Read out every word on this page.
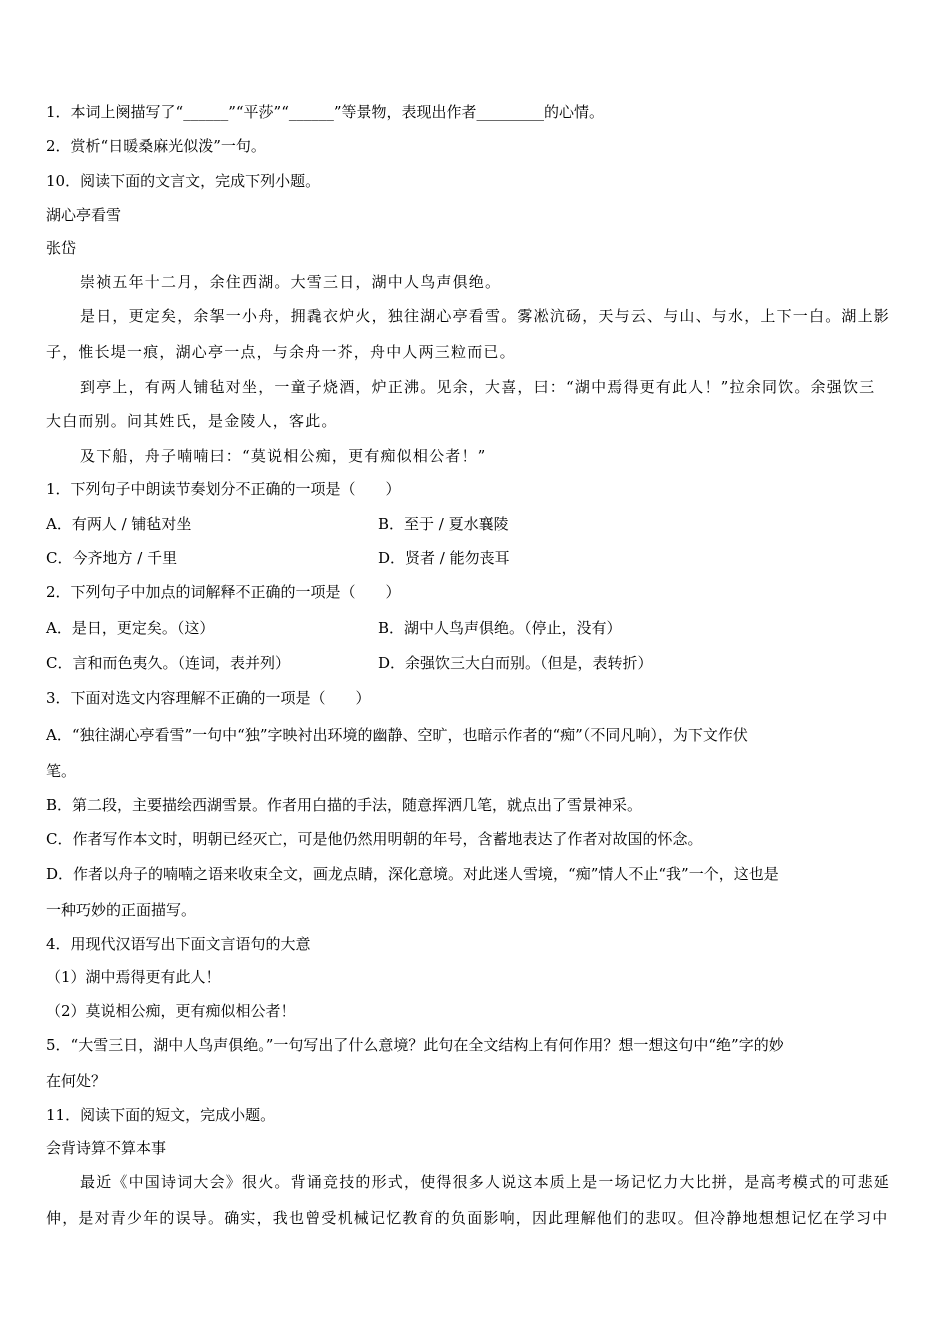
1．本词上阕描写了“______”“平莎”“______”等景物，表现出作者_________的心情。
2．赏析“日暖桑麻光似泼”一句。
10．阅读下面的文言文，完成下列小题。
湖心亭看雪
张岱
崇祯五年十二月，余住西湖。大雪三日，湖中人鸟声俱绝。
是日，更定矣，余挐一小舟，拥毳衣炉火，独往湖心亭看雪。雾凇沆砀，天与云、与山、与水，上下一白。湖上影
子，惟长堤一痕，湖心亭一点，与余舟一芥，舟中人两三粒而已。
到亭上，有两人铺毡对坐，一童子烧酒，炉正沸。见余，大喜，曰：“湖中焉得更有此人！”拉余同饮。余强饮三
大白而别。问其姓氏，是金陵人，客此。
及下船，舟子喃喃曰：“莫说相公痴，更有痴似相公者！”
1．下列句子中朗读节奏划分不正确的一项是（　　）
A．有两人 / 铺毡对坐	B．至于 / 夏水襄陵
C．今齐地方 / 千里	D．贤者 / 能勿丧耳
2．下列句子中加点的词解释不正确的一项是（　　）
A．是日，更定矣。（这）	B．湖中人鸟声俱绝。（停止，没有）
C．言和而色夷久。（连词，表并列）	D．余强饮三大白而别。（但是，表转折）
3．下面对选文内容理解不正确的一项是（　　）
A．“独往湖心亭看雪”一句中“独”字映衬出环境的幽静、空旷，也暗示作者的“痴”（不同凡响），为下文作伏
笔。
B．第二段，主要描绘西湖雪景。作者用白描的手法，随意挥洒几笔，就点出了雪景神采。
C．作者写作本文时，明朝已经灭亡，可是他仍然用明朝的年号，含蓄地表达了作者对故国的怀念。
D．作者以舟子的喃喃之语来收束全文，画龙点睛，深化意境。对此迷人雪境，“痴”情人不止“我”一个，这也是
一种巧妙的正面描写。
4．用现代汉语写出下面文言语句的大意
（1）湖中焉得更有此人！
（2）莫说相公痴，更有痴似相公者！
5．“大雪三日，湖中人鸟声俱绝。”一句写出了什么意境？此句在全文结构上有何作用？想一想这句中“绝”字的妙
在何处？
11．阅读下面的短文，完成小题。
会背诗算不算本事
最近《中国诗词大会》很火。背诵竞技的形式，使得很多人说这本质上是一场记忆力大比拼，是高考模式的可悲延
伸，是对青少年的误导。确实，我也曾受机械记忆教育的负面影响，因此理解他们的悲叹。但冷静地想想记忆在学习中
